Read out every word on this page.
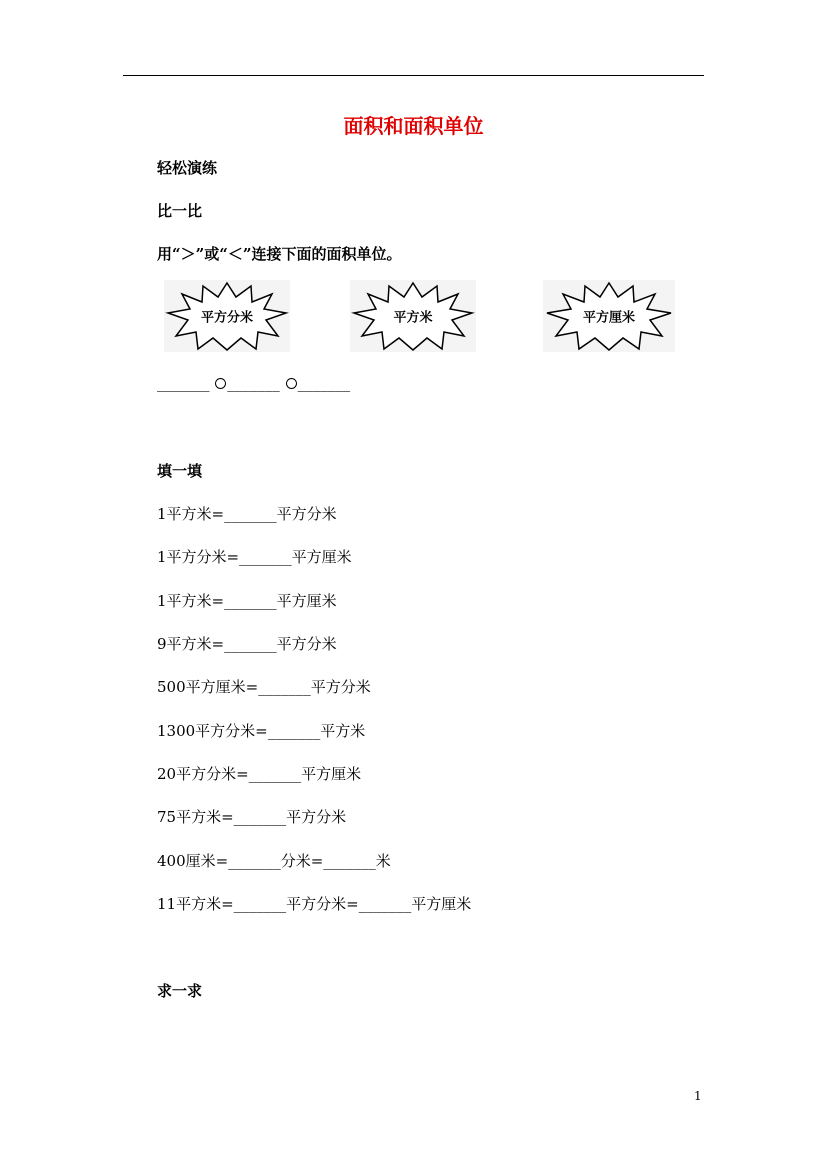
面积和面积单位
轻松演练
比一比
用“＞”或“＜”连接下面的面积单位。
平方分米	平方米	平方厘米
_______ _______ _______
填一填
1平方米=_______平方分米
1平方分米=_______平方厘米
1平方米=_______平方厘米
9平方米=_______平方分米
500平方厘米=_______平方分米
1300平方分米=_______平方米
20平方分米=_______平方厘米
75平方米=_______平方分米
400厘米=_______分米=_______米
11平方米=_______平方分米=_______平方厘米
求一求
1
